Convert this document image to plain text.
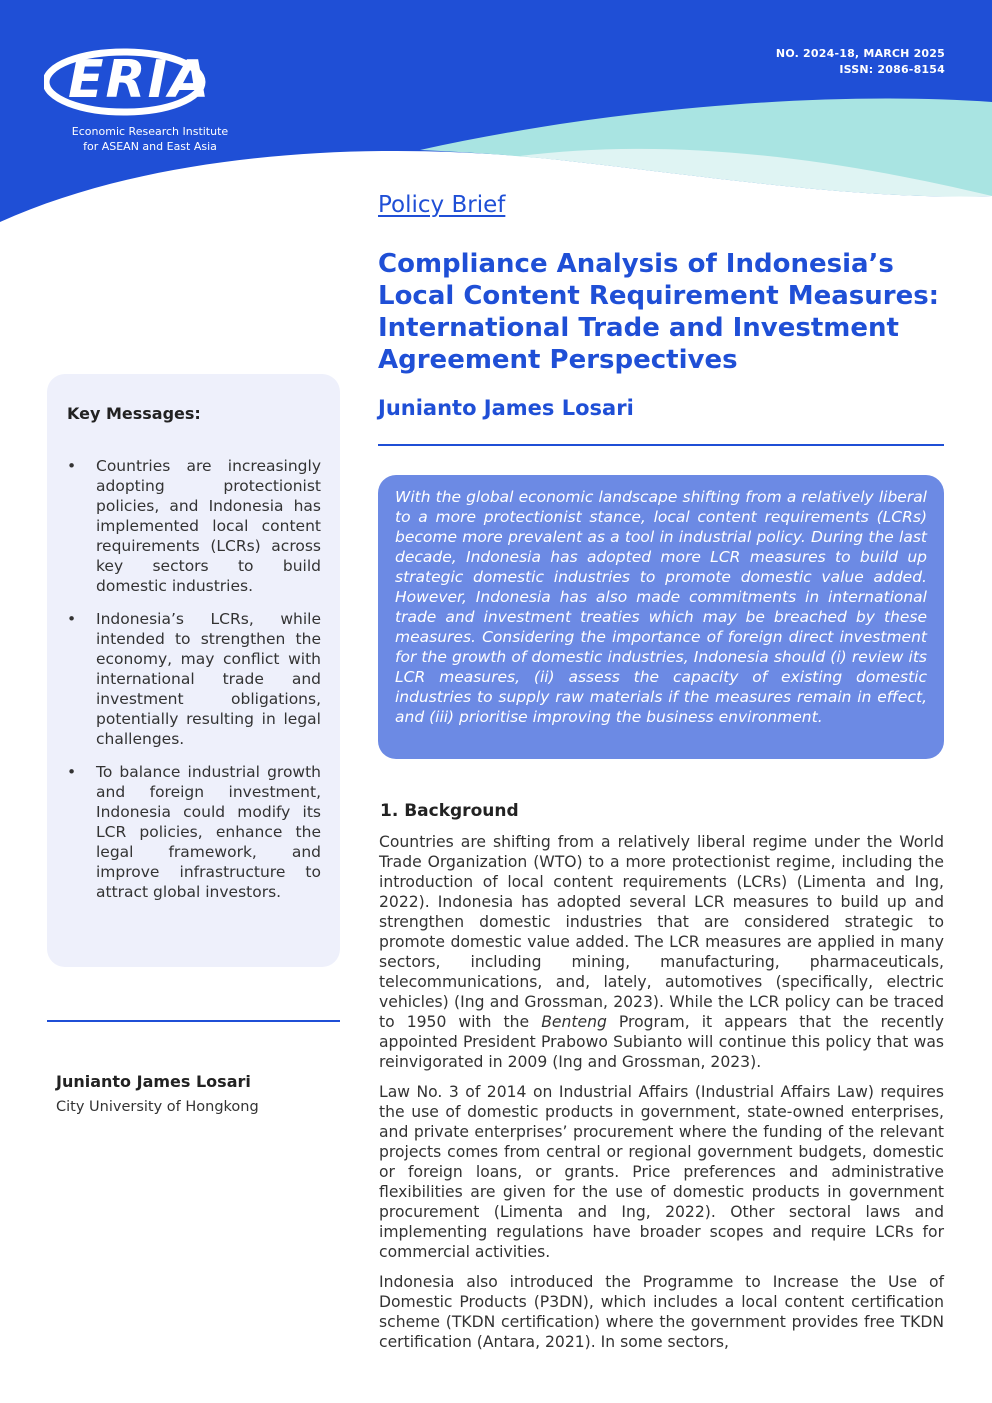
ERIA
Economic Research Institute
for ASEAN and East Asia
NO. 2024-18, MARCH 2025
ISSN: 2086-8154
Policy Brief
Compliance Analysis of Indonesia’s Local Content Requirement Measures: International Trade and Investment Agreement Perspectives
Junianto James Losari
Key Messages:
• Countries are increasingly adopting protectionist policies, and Indonesia has implemented local content requirements (LCRs) across key sectors to build domestic industries.
• Indonesia’s LCRs, while intended to strengthen the economy, may conflict with international trade and investment obligations, potentially resulting in legal challenges.
• To balance industrial growth and foreign investment, Indonesia could modify its LCR policies, enhance the legal framework, and improve infrastructure to attract global investors.
Junianto James Losari
City University of Hongkong

With the global economic landscape shifting from a relatively liberal to a more protectionist stance, local content requirements (LCRs) become more prevalent as a tool in industrial policy. During the last decade, Indonesia has adopted more LCR measures to build up strategic domestic industries to promote domestic value added. However, Indonesia has also made commitments in international trade and investment treaties which may be breached by these measures. Considering the importance of foreign direct investment for the growth of domestic industries, Indonesia should (i) review its LCR measures, (ii) assess the capacity of existing domestic industries to supply raw materials if the measures remain in effect, and (iii) prioritise improving the business environment.

1. Background

Countries are shifting from a relatively liberal regime under the World Trade Organization (WTO) to a more protectionist regime, including the introduction of local content requirements (LCRs) (Limenta and Ing, 2022). Indonesia has adopted several LCR measures to build up and strengthen domestic industries that are considered strategic to promote domestic value added. The LCR measures are applied in many sectors, including mining, manufacturing, pharmaceuticals, telecommunications, and, lately, automotives (specifically, electric vehicles) (Ing and Grossman, 2023). While the LCR policy can be traced to 1950 with the Benteng Program, it appears that the recently appointed President Prabowo Subianto will continue this policy that was reinvigorated in 2009 (Ing and Grossman, 2023).

Law No. 3 of 2014 on Industrial Affairs (Industrial Affairs Law) requires the use of domestic products in government, state-owned enterprises, and private enterprises’ procurement where the funding of the relevant projects comes from central or regional government budgets, domestic or foreign loans, or grants. Price preferences and administrative flexibilities are given for the use of domestic products in government procurement (Limenta and Ing, 2022). Other sectoral laws and implementing regulations have broader scopes and require LCRs for commercial activities.

Indonesia also introduced the Programme to Increase the Use of Domestic Products (P3DN), which includes a local content certification scheme (TKDN certification) where the government provides free TKDN certification (Antara, 2021). In some sectors,
